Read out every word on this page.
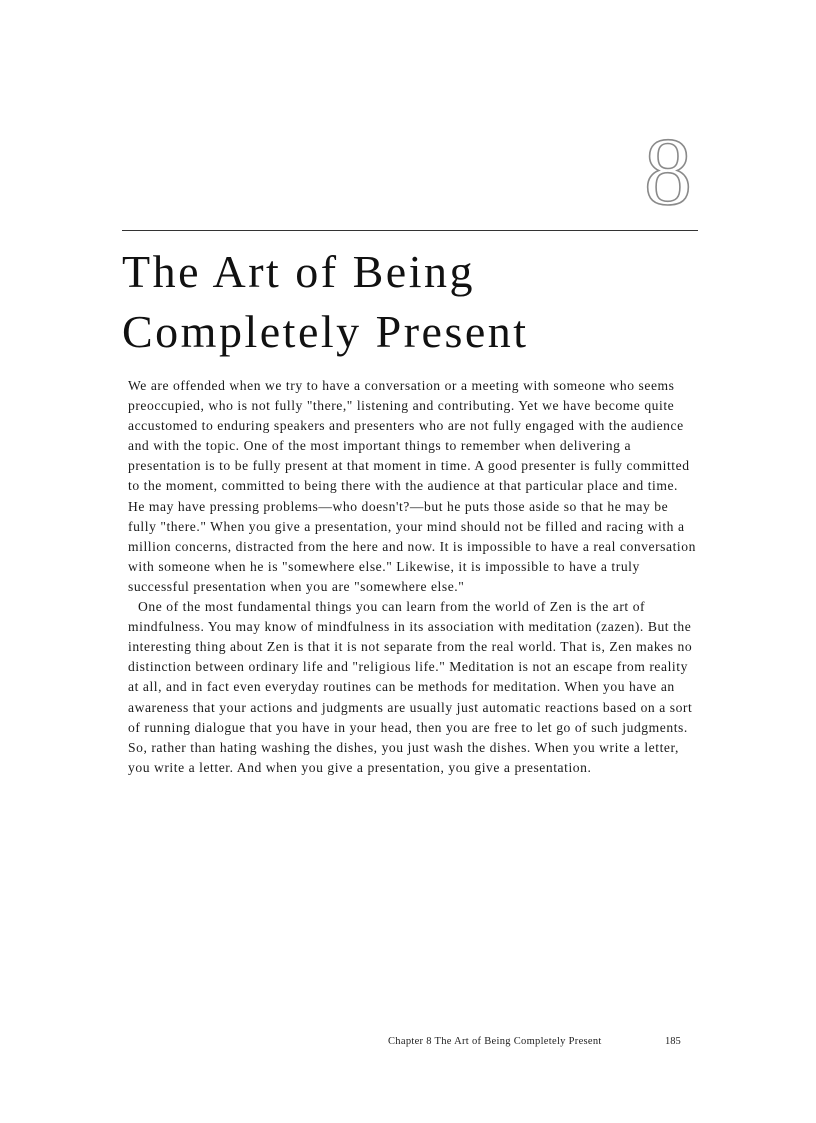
8
The Art of Being
Completely Present

We are offended when we try to have a conversation or a meeting with someone who seems preoccupied, who is not fully "there," listening and contributing. Yet we have become quite accustomed to enduring speakers and presenters who are not fully engaged with the audience and with the topic. One of the most important things to remember when delivering a presentation is to be fully present at that moment in time. A good presenter is fully committed to the moment, committed to being there with the audience at that particular place and time. He may have pressing problems—who doesn't?—but he puts those aside so that he may be fully "there." When you give a presentation, your mind should not be filled and racing with a million concerns, distracted from the here and now. It is impossible to have a real conversation with someone when he is "somewhere else." Likewise, it is impossible to have a truly successful presentation when you are "somewhere else."

One of the most fundamental things you can learn from the world of Zen is the art of mindfulness. You may know of mindfulness in its association with meditation (zazen). But the interesting thing about Zen is that it is not separate from the real world. That is, Zen makes no distinction between ordinary life and "religious life." Meditation is not an escape from reality at all, and in fact even everyday routines can be methods for meditation. When you have an awareness that your actions and judgments are usually just automatic reactions based on a sort of running dialogue that you have in your head, then you are free to let go of such judgments. So, rather than hating washing the dishes, you just wash the dishes. When you write a letter, you write a letter. And when you give a presentation, you give a presentation.

Chapter 8 The Art of Being Completely Present	185
